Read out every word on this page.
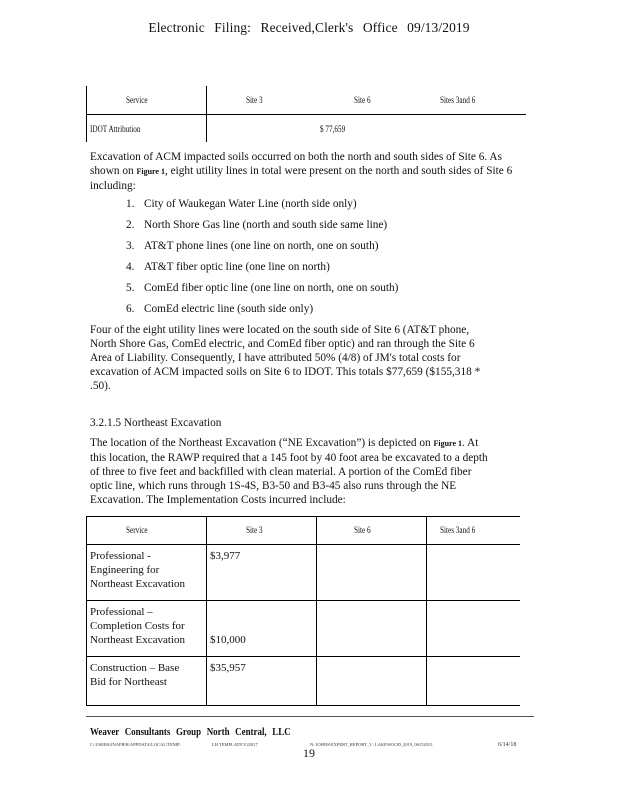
Electronic Filing: Received,Clerk's Office 09/13/2019
Service	Site 3	Site 6	Sites 3and 6
IDOT Attribution	$ 77,659
Excavation of ACM impacted soils occurred on both the north and south sides of Site 6. As shown on Figure 1, eight utility lines in total were present on the north and south sides of Site 6 including:
1. City of Waukegan Water Line (north side only)
2. North Shore Gas line (north and south side same line)
3. AT&T phone lines (one line on north, one on south)
4. AT&T fiber optic line (one line on north)
5. ComEd fiber optic line (one line on north, one on south)
6. ComEd electric line (south side only)
Four of the eight utility lines were located on the south side of Site 6 (AT&T phone,
North Shore Gas, ComEd electric, and ComEd fiber optic) and ran through the Site 6
Area of Liability. Consequently, I have attributed 50% (4/8) of JM's total costs for
excavation of ACM impacted soils on Site 6 to IDOT. This totals $77,659 ($155,318 *
.50).
3.2.1.5 Northeast Excavation
The location of the Northeast Excavation (“NE Excavation”) is depicted on Figure 1. At
this location, the RAWP required that a 145 foot by 40 foot area be excavated to a depth
of three to five feet and backfilled with clean material. A portion of the ComEd fiber
optic line, which runs through 1S-4S, B3-50 and B3-45 also runs through the NE
Excavation. The Implementation Costs incurred include:
Service	Site 3	Site 6	Sites 3and 6
Professional -
Engineering for
Northeast Excavation
$3,977
Professional –
Completion Costs for
Northeast Excavation $10,000
Construction – Base
Bid for Northeast
$35,957
Weaver Consultants Group North Central, LLC
C:\USERS\JNAPIER\APPDATA\LOCAL\TEMP\	LH TEMPLATE\V22017	N: JOHNS\EXPERT_REPORT_3 \ LAKEWOOD_2019_06152015	6/14/18
19
